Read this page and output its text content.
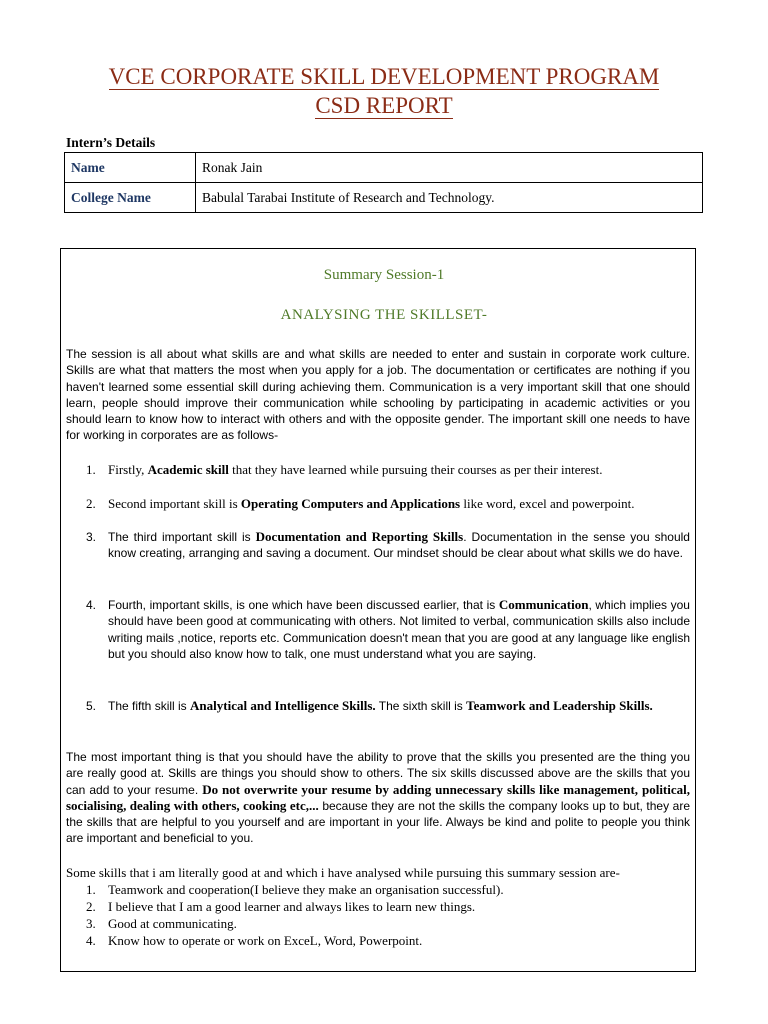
VCE CORPORATE SKILL DEVELOPMENT PROGRAM
CSD REPORT
Intern’s Details
Name	Ronak Jain
College Name	Babulal Tarabai Institute of Research and Technology.
Summary Session-1
ANALYSING THE SKILLSET-

The session is all about what skills are and what skills are needed to enter and sustain in corporate work culture. Skills are what that matters the most when you apply for a job. The documentation or certificates are nothing if you haven't learned some essential skill during achieving them. Communication is a very important skill that one should learn, people should improve their communication while schooling by participating in academic activities or you should learn to know how to interact with others and with the opposite gender. The important skill one needs to have for working in corporates are as follows-

1. Firstly, Academic skill that they have learned while pursuing their courses as per their interest.
2. Second important skill is Operating Computers and Applications like word, excel and powerpoint.
3. The third important skill is Documentation and Reporting Skills. Documentation in the sense you should know creating, arranging and saving a document. Our mindset should be clear about what skills we do have.
4. Fourth, important skills, is one which have been discussed earlier, that is Communication, which implies you should have been good at communicating with others. Not limited to verbal, communication skills also include writing mails ,notice, reports etc. Communication doesn't mean that you are good at any language like english but you should also know how to talk, one must understand what you are saying.
5. The fifth skill is Analytical and Intelligence Skills. The sixth skill is Teamwork and Leadership Skills.

The most important thing is that you should have the ability to prove that the skills you presented are the thing you are really good at. Skills are things you should show to others. The six skills discussed above are the skills that you can add to your resume. Do not overwrite your resume by adding unnecessary skills like management, political, socialising, dealing with others, cooking etc,... because they are not the skills the company looks up to but, they are the skills that are helpful to you yourself and are important in your life. Always be kind and polite to people you think are important and beneficial to you.

Some skills that i am literally good at and which i have analysed while pursuing this summary session are-

1. Teamwork and cooperation(I believe they make an organisation successful).
2. I believe that I am a good learner and always likes to learn new things.
3. Good at communicating.
4. Know how to operate or work on ExceL, Word, Powerpoint.
